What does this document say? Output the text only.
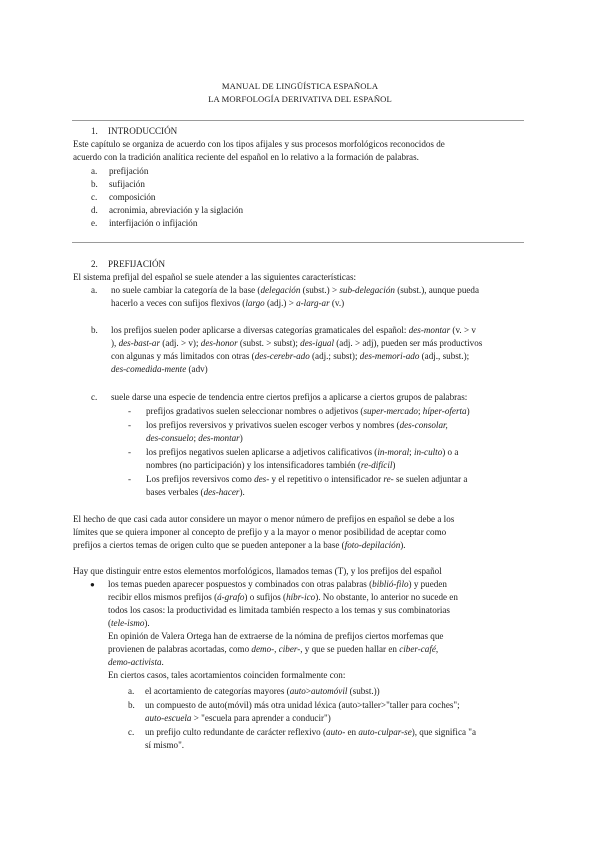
MANUAL DE LINGÜÍSTICA ESPAÑOLA
LA MORFOLOGÍA DERIVATIVA DEL ESPAÑOL
1. INTRODUCCIÓN
Este capítulo se organiza de acuerdo con los tipos afijales y sus procesos morfológicos reconocidos de
acuerdo con la tradición analítica reciente del español en lo relativo a la formación de palabras.
a. prefijación
b. sufijación
c. composición
d. acronimia, abreviación y la siglación
e. interfijación o infijación
2. PREFIJACIÓN
El sistema prefijal del español se suele atender a las siguientes características:
a. no suele cambiar la categoría de la base (delegación (subst.) > sub-delegación (subst.), aunque pueda
hacerlo a veces con sufijos flexivos (largo (adj.) > a-larg-ar (v.)
b. los prefijos suelen poder aplicarse a diversas categorías gramaticales del español: des-montar (v. > v
), des-bast-ar (adj. > v); des-honor (subst. > subst); des-igual (adj. > adj), pueden ser más productivos
con algunas y más limitados con otras (des-cerebr-ado (adj.; subst); des-memori-ado (adj., subst.);
des-comedida-mente (adv)
c. suele darse una especie de tendencia entre ciertos prefijos a aplicarse a ciertos grupos de palabras:
- prefijos gradativos suelen seleccionar nombres o adjetivos (super-mercado; híper-oferta)
- los prefijos reversivos y privativos suelen escoger verbos y nombres (des-consolar,
des-consuelo; des-montar)
- los prefijos negativos suelen aplicarse a adjetivos calificativos (in-moral; in-culto) o a
nombres (no participación) y los intensificadores también (re-difícil)
- Los prefijos reversivos como des- y el repetitivo o intensificador re- se suelen adjuntar a
bases verbales (des-hacer).
El hecho de que casi cada autor considere un mayor o menor número de prefijos en español se debe a los
límites que se quiera imponer al concepto de prefijo y a la mayor o menor posibilidad de aceptar como
prefijos a ciertos temas de origen culto que se pueden anteponer a la base (foto-depilación).
Hay que distinguir entre estos elementos morfológicos, llamados temas (T), y los prefijos del español
● los temas pueden aparecer pospuestos y combinados con otras palabras (biblió-filo) y pueden
recibir ellos mismos prefijos (á-grafo) o sufijos (híbr-ico). No obstante, lo anterior no sucede en
todos los casos: la productividad es limitada también respecto a los temas y sus combinatorias
(tele-ismo).
En opinión de Valera Ortega han de extraerse de la nómina de prefijos ciertos morfemas que
provienen de palabras acortadas, como demo-, ciber-, y que se pueden hallar en ciber-café,
demo-activista.
En ciertos casos, tales acortamientos coinciden formalmente con:
a. el acortamiento de categorías mayores (auto>automóvil (subst.))
b. un compuesto de auto(móvil) más otra unidad léxica (auto>taller>"taller para coches";
auto-escuela > "escuela para aprender a conducir")
c. un prefijo culto redundante de carácter reflexivo (auto- en auto-culpar-se), que significa "a
sí mismo".
